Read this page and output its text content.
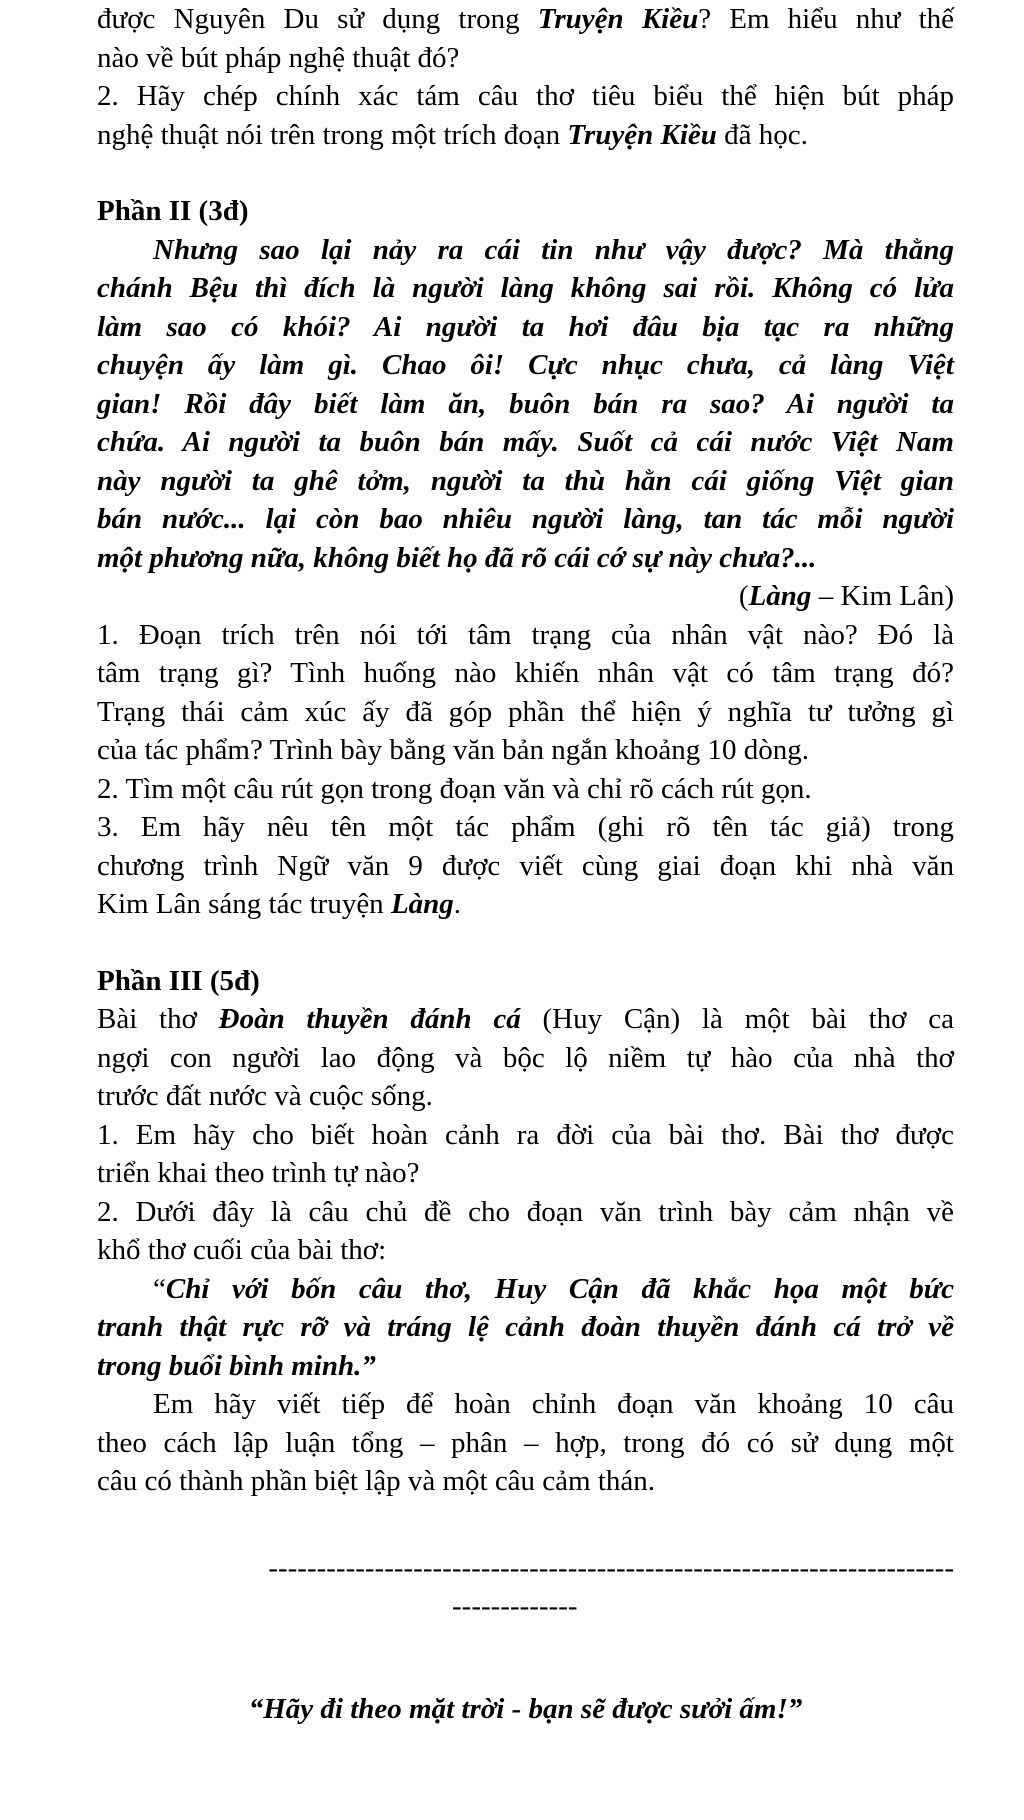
được Nguyên Du sử dụng trong Truyện Kiều? Em hiểu như thế

nào về bút pháp nghệ thuật đó?

2. Hãy chép chính xác tám câu thơ tiêu biểu thể hiện bút pháp

nghệ thuật nói trên trong một trích đoạn Truyện Kiều đã học.

Phần II (3đ)

Nhưng sao lại nảy ra cái tin như vậy được? Mà thằng

chánh Bệu thì đích là người làng không sai rồi. Không có lửa

làm sao có khói? Ai người ta hơi đâu bịa tạc ra những

chuyện ấy làm gì. Chao ôi! Cực nhục chưa, cả làng Việt

gian! Rồi đây biết làm ăn, buôn bán ra sao? Ai người ta

chứa. Ai người ta buôn bán mấy. Suốt cả cái nước Việt Nam

này người ta ghê tởm, người ta thù hằn cái giống Việt gian

bán nước... lại còn bao nhiêu người làng, tan tác mỗi người

một phương nữa, không biết họ đã rõ cái cớ sự này chưa?...

(Làng – Kim Lân)

1. Đoạn trích trên nói tới tâm trạng của nhân vật nào? Đó là

tâm trạng gì? Tình huống nào khiến nhân vật có tâm trạng đó?

Trạng thái cảm xúc ấy đã góp phần thể hiện ý nghĩa tư tưởng gì

của tác phẩm? Trình bày bằng văn bản ngắn khoảng 10 dòng.

2. Tìm một câu rút gọn trong đoạn văn và chỉ rõ cách rút gọn.

3. Em hãy nêu tên một tác phẩm (ghi rõ tên tác giả) trong

chương trình Ngữ văn 9 được viết cùng giai đoạn khi nhà văn

Kim Lân sáng tác truyện Làng.

Phần III (5đ)

Bài thơ Đoàn thuyền đánh cá (Huy Cận) là một bài thơ ca

ngợi con người lao động và bộc lộ niềm tự hào của nhà thơ

trước đất nước và cuộc sống.

1. Em hãy cho biết hoàn cảnh ra đời của bài thơ. Bài thơ được

triển khai theo trình tự nào?

2. Dưới đây là câu chủ đề cho đoạn văn trình bày cảm nhận về

khổ thơ cuối của bài thơ:

“Chỉ với bốn câu thơ, Huy Cận đã khắc họa một bức

tranh thật rực rỡ và tráng lệ cảnh đoàn thuyền đánh cá trở về

trong buổi bình minh.”

Em hãy viết tiếp để hoàn chỉnh đoạn văn khoảng 10 câu

theo cách lập luận tổng – phân – hợp, trong đó có sử dụng một

câu có thành phần biệt lập và một câu cảm thán.

-----------------------------------------------------------------------

-------------

“Hãy đi theo mặt trời - bạn sẽ được sưởi ấm!”
